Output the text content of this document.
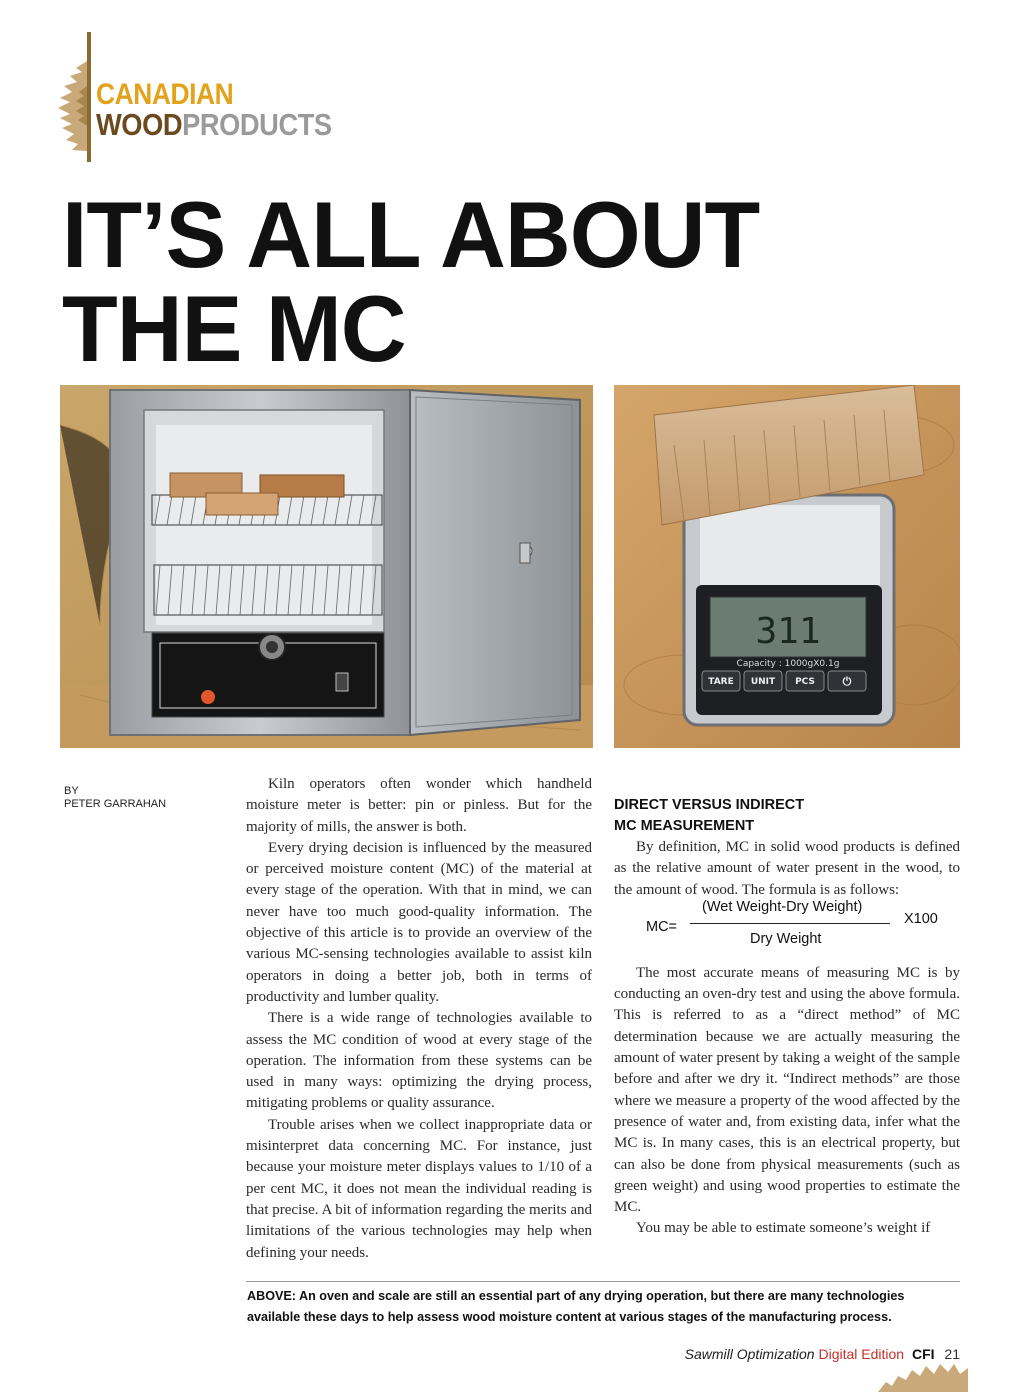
CANADIAN
WOODPRODUCTS
IT’S ALL ABOUT
THE MC
311
Capacity : 1000gX0.1g
TARE UNIT PCS	⏻
BY
PETER GARRAHAN

Kiln operators often wonder which handheld moisture meter is better: pin or pinless. But for the majority of mills, the answer is both.

Every drying decision is influenced by the measured or perceived moisture content (MC) of the material at every stage of the operation. With that in mind, we can never have too much good-quality information. The objective of this article is to provide an overview of the various MC-sensing technologies available to assist kiln operators in doing a better job, both in terms of productivity and lumber quality.

There is a wide range of technologies available to assess the MC condition of wood at every stage of the operation. The information from these systems can be used in many ways: optimizing the drying process, mitigating problems or quality assurance.

Trouble arises when we collect inappropriate data or misinterpret data concerning MC. For instance, just because your moisture meter displays values to 1/10 of a per cent MC, it does not mean the individual reading is that precise. A bit of information regarding the merits and limitations of the various technologies may help when defining your needs.

DIRECT VERSUS INDIRECT
MC MEASUREMENT

By definition, MC in solid wood products is defined as the relative amount of water present in the wood, to the amount of wood. The formula is as follows:

MC=
(Wet Weight-Dry Weight)
Dry Weight
X100

The most accurate means of measuring MC is by conducting an oven-dry test and using the above formula. This is referred to as a “direct method” of MC determination because we are actually measuring the amount of water present by taking a weight of the sample before and after we dry it. “Indirect methods” are those where we measure a property of the wood affected by the presence of water and, from existing data, infer what the MC is. In many cases, this is an electrical property, but can also be done from physical measurements (such as green weight) and using wood properties to estimate the MC.

You may be able to estimate someone’s weight if

ABOVE: An oven and scale are still an essential part of any drying operation, but there are many technologies available these days to help assess wood moisture content at various stages of the manufacturing process.
Sawmill Optimization Digital Edition CFI 21
